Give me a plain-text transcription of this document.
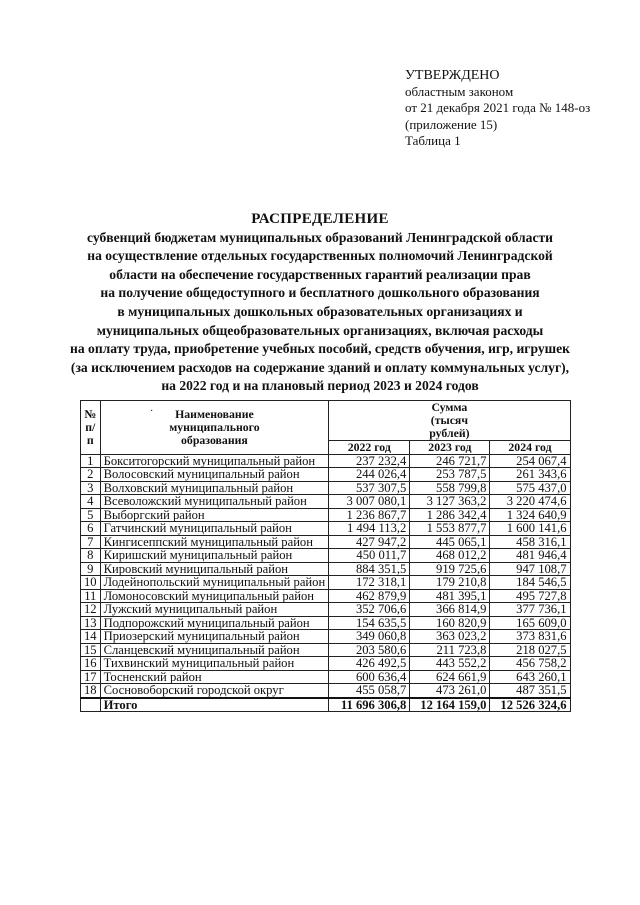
УТВЕРЖДЕНО
областным законом
от 21 декабря 2021 года № 148-оз
(приложение 15)
Таблица 1
РАСПРЕДЕЛЕНИЕ
субвенций бюджетам муниципальных образований Ленинградской области
на осуществление отдельных государственных полномочий Ленинградской
области на обеспечение государственных гарантий реализации прав
на получение общедоступного и бесплатного дошкольного образования
в муниципальных дошкольных образовательных организациях и
муниципальных общеобразовательных организациях, включая расходы
на оплату труда, приобретение учебных пособий, средств обучения, игр, игрушек
(за исключением расходов на содержание зданий и оплату коммунальных услуг),
на 2022 год и на плановый период 2023 и 2024 годов
·
№ п/п	Наименование муниципального образования	Сумма (тысяч рублей)		
		2022 год	2023 год	2024 год
1	Бокситогорский муниципальный район	237 232,4	246 721,7	254 067,4
2	Волосовский муниципальный район	244 026,4	253 787,5	261 343,6
3	Волховский муниципальный район	537 307,5	558 799,8	575 437,0
4	Всеволожский муниципальный район	3 007 080,1	3 127 363,2	3 220 474,6
5	Выборгский район	1 236 867,7	1 286 342,4	1 324 640,9
6	Гатчинский муниципальный район	1 494 113,2	1 553 877,7	1 600 141,6
7	Кингисеппский муниципальный район	427 947,2	445 065,1	458 316,1
8	Киришский муниципальный район	450 011,7	468 012,2	481 946,4
9	Кировский муниципальный район	884 351,5	919 725,6	947 108,7
10	Лодейнопольский муниципальный район	172 318,1	179 210,8	184 546,5
11	Ломоносовский муниципальный район	462 879,9	481 395,1	495 727,8
12	Лужский муниципальный район	352 706,6	366 814,9	377 736,1
13	Подпорожский муниципальный район	154 635,5	160 820,9	165 609,0
14	Приозерский муниципальный район	349 060,8	363 023,2	373 831,6
15	Сланцевский муниципальный район	203 580,6	211 723,8	218 027,5
16	Тихвинский муниципальный район	426 492,5	443 552,2	456 758,2
17	Тосненский район	600 636,4	624 661,9	643 260,1
18	Сосновоборский городской округ	455 058,7	473 261,0	487 351,5
	Итого	11 696 306,8	12 164 159,0	12 526 324,6
